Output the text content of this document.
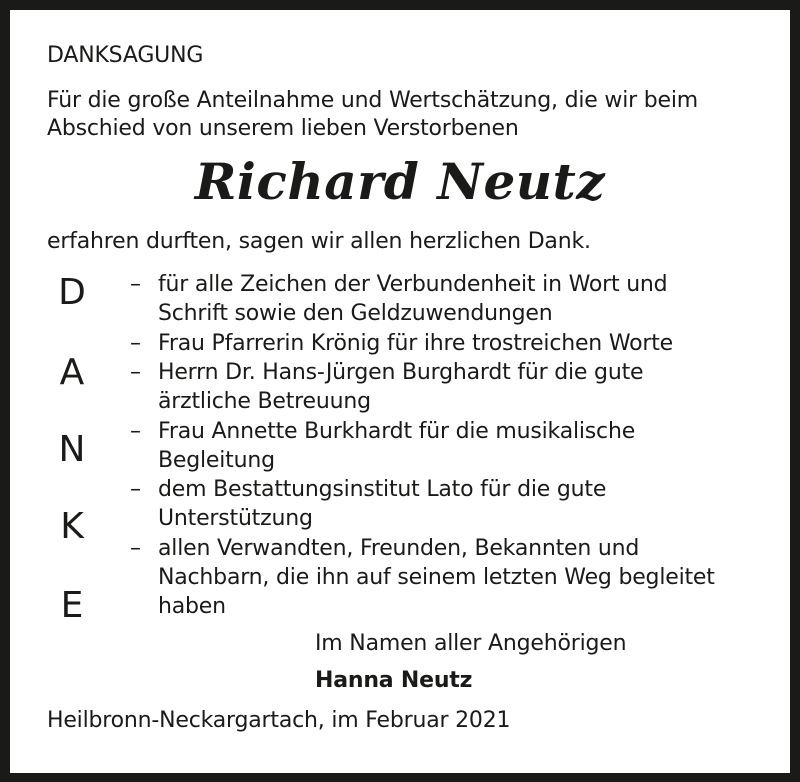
DANKSAGUNG
Für die große Anteilnahme und Wertschätzung, die wir beim
Abschied von unserem lieben Verstorbenen
Richard Neutz
erfahren durften, sagen wir allen herzlichen Dank.
D
A
N
K
E
– für alle Zeichen der Verbundenheit in Wort und
Schrift sowie den Geldzuwendungen
– Frau Pfarrerin Krönig für ihre trostreichen Worte
– Herrn Dr. Hans-Jürgen Burghardt für die gute
ärztliche Betreuung
– Frau Annette Burkhardt für die musikalische
Begleitung
– dem Bestattungsinstitut Lato für die gute
Unterstützung
– allen Verwandten, Freunden, Bekannten und
Nachbarn, die ihn auf seinem letzten Weg begleitet
haben
Im Namen aller Angehörigen
Hanna Neutz
Heilbronn-Neckargartach, im Februar 2021
